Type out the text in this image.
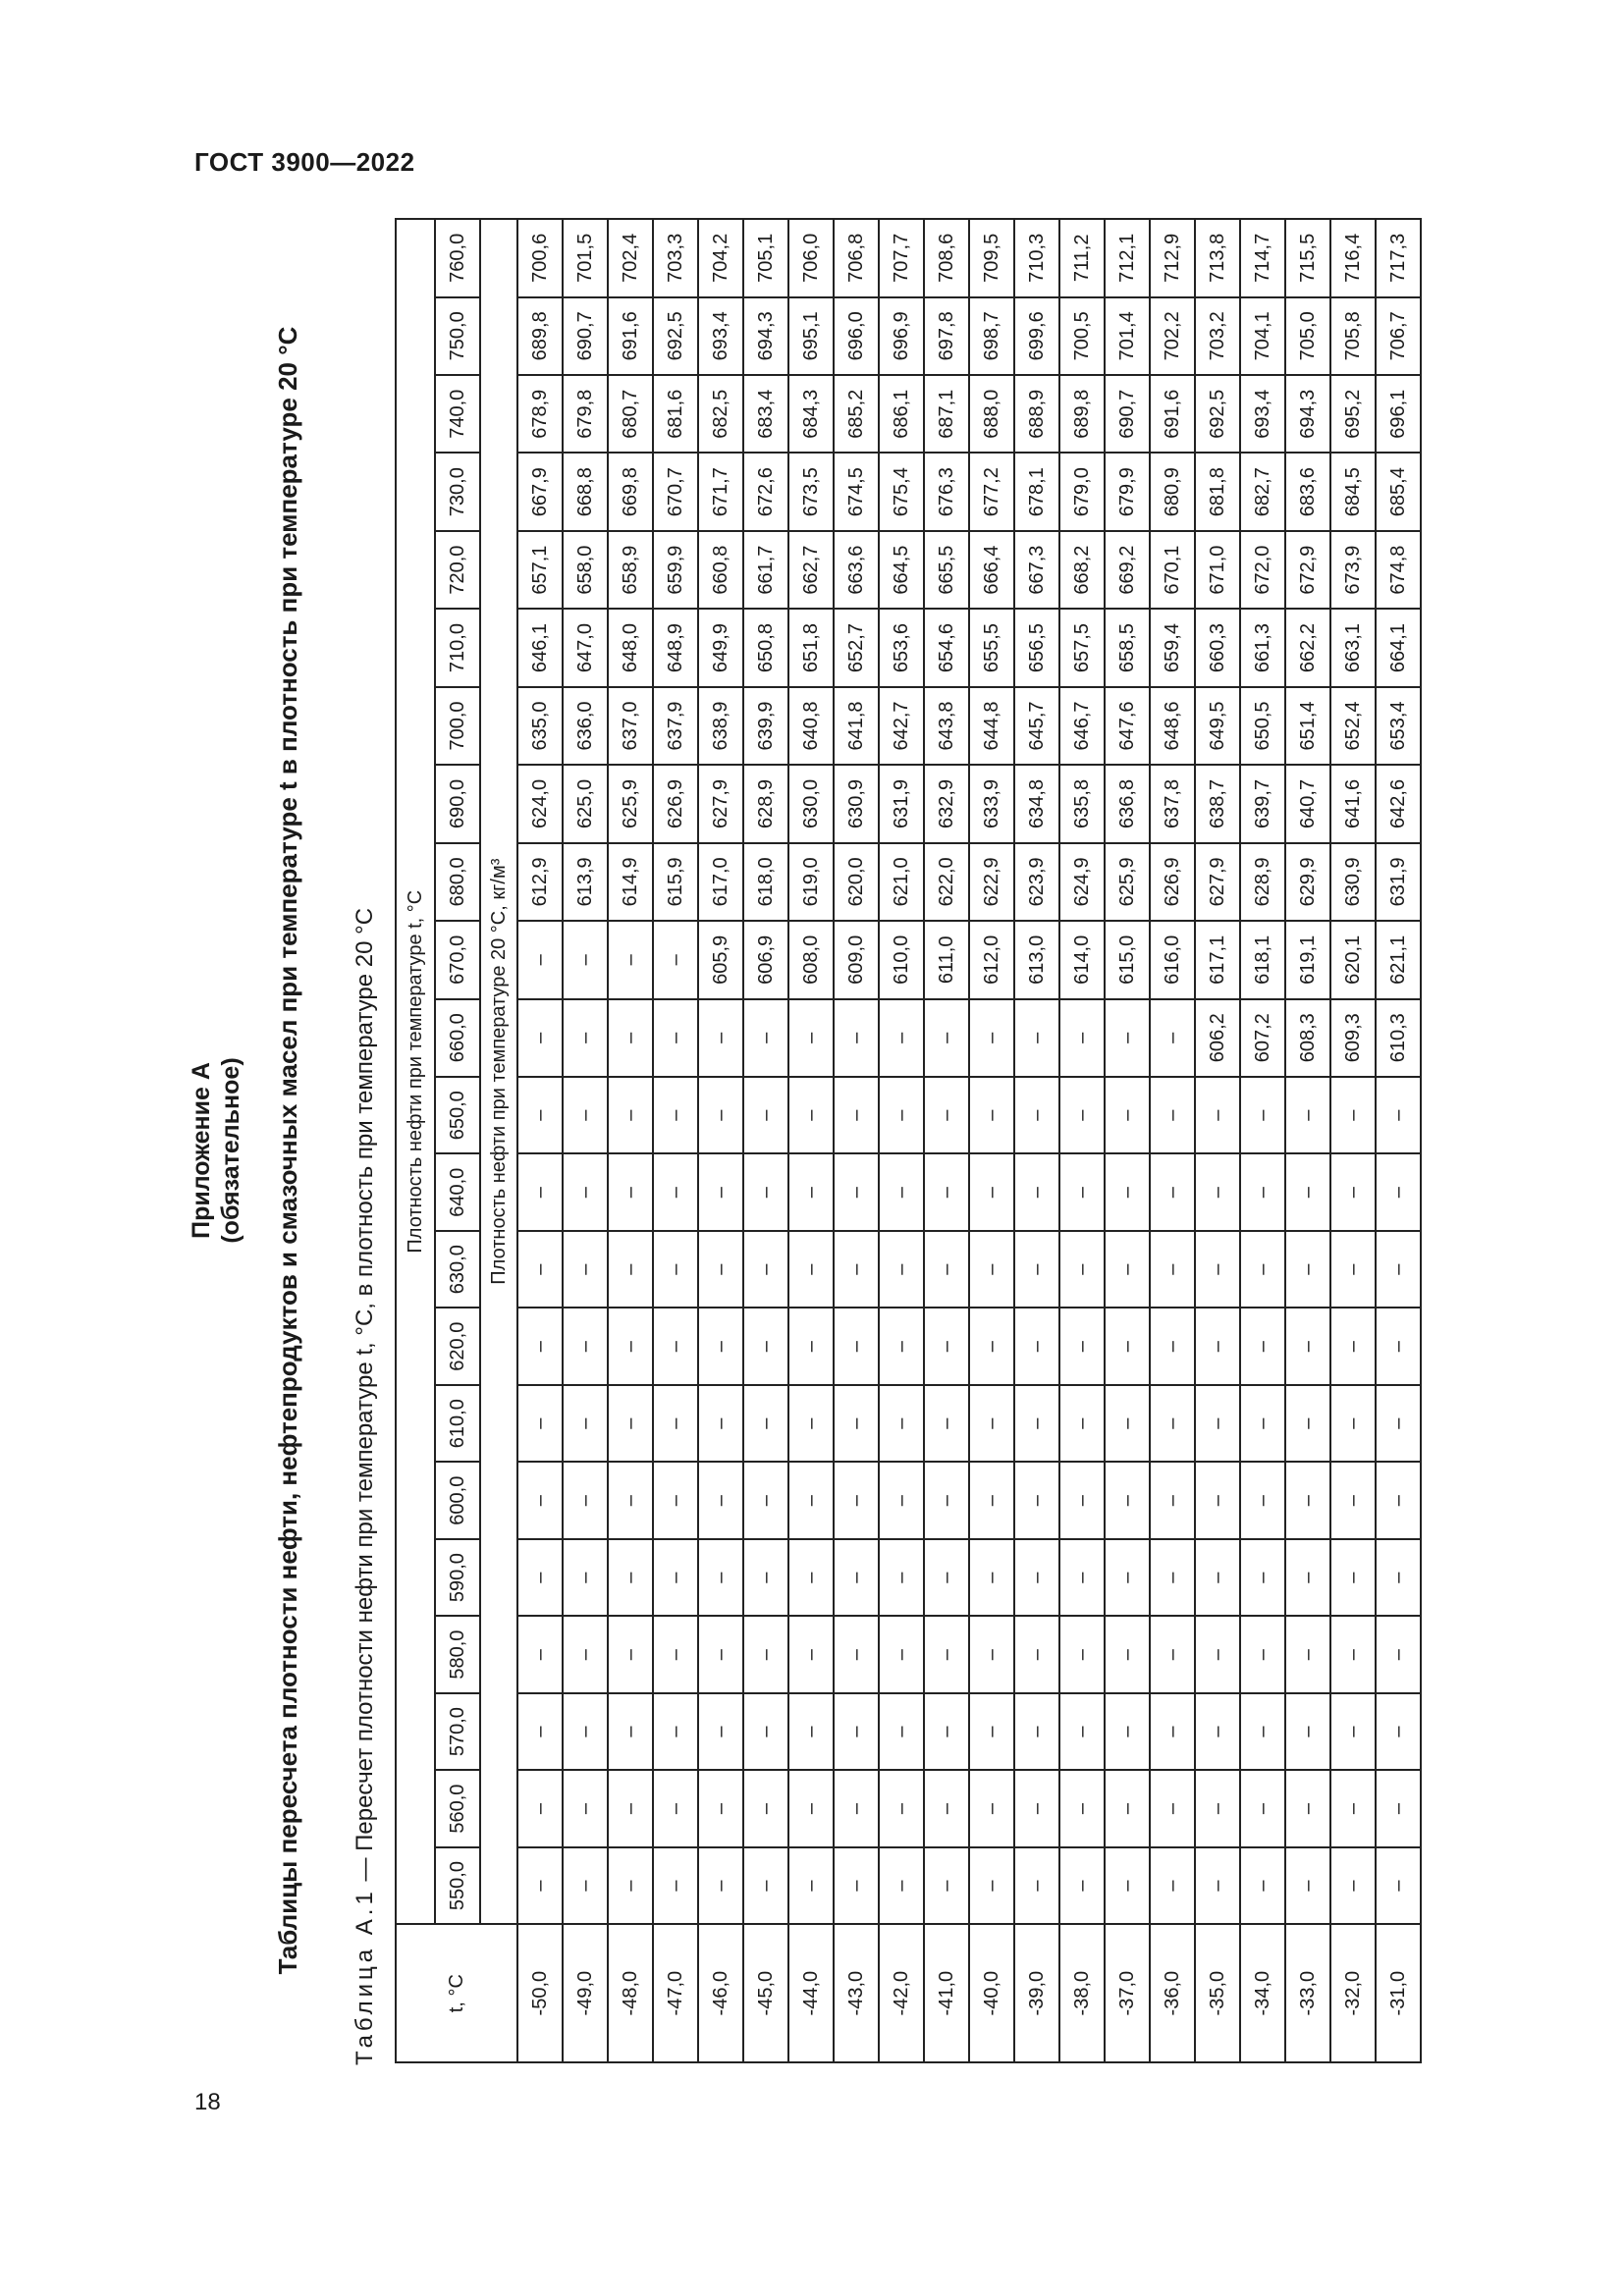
ГОСТ 3900—2022
18
Приложение А (обязательное) Таблицы пересчета плотности нефти, нефтепродуктов и смазочных масел при температуре t в плотность при температуре 20 °С
Таблица А.1 — Пересчет плотности нефти при температуре t, °С, в плотность при температуре 20 °С
t, °С	Плотность нефти при температуре t, °С																					
	550,0	560,0	570,0	580,0	590,0	600,0	610,0	620,0	630,0	640,0	650,0	660,0	670,0	680,0	690,0	700,0	710,0	720,0	730,0	740,0	750,0	760,0
	Плотность нефти при температуре 20 °С, кг/м³																					
-50,0	–	–	–	–	–	–	–	–	–	–	–	–	–	612,9	624,0	635,0	646,1	657,1	667,9	678,9	689,8	700,6
-49,0	–	–	–	–	–	–	–	–	–	–	–	–	–	613,9	625,0	636,0	647,0	658,0	668,8	679,8	690,7	701,5
-48,0	–	–	–	–	–	–	–	–	–	–	–	–	–	614,9	625,9	637,0	648,0	658,9	669,8	680,7	691,6	702,4
-47,0	–	–	–	–	–	–	–	–	–	–	–	–	–	615,9	626,9	637,9	648,9	659,9	670,7	681,6	692,5	703,3
-46,0	–	–	–	–	–	–	–	–	–	–	–	–	605,9	617,0	627,9	638,9	649,9	660,8	671,7	682,5	693,4	704,2
-45,0	–	–	–	–	–	–	–	–	–	–	–	–	606,9	618,0	628,9	639,9	650,8	661,7	672,6	683,4	694,3	705,1
-44,0	–	–	–	–	–	–	–	–	–	–	–	–	608,0	619,0	630,0	640,8	651,8	662,7	673,5	684,3	695,1	706,0
-43,0	–	–	–	–	–	–	–	–	–	–	–	–	609,0	620,0	630,9	641,8	652,7	663,6	674,5	685,2	696,0	706,8
-42,0	–	–	–	–	–	–	–	–	–	–	–	–	610,0	621,0	631,9	642,7	653,6	664,5	675,4	686,1	696,9	707,7
-41,0	–	–	–	–	–	–	–	–	–	–	–	–	611,0	622,0	632,9	643,8	654,6	665,5	676,3	687,1	697,8	708,6
-40,0	–	–	–	–	–	–	–	–	–	–	–	–	612,0	622,9	633,9	644,8	655,5	666,4	677,2	688,0	698,7	709,5
-39,0	–	–	–	–	–	–	–	–	–	–	–	–	613,0	623,9	634,8	645,7	656,5	667,3	678,1	688,9	699,6	710,3
-38,0	–	–	–	–	–	–	–	–	–	–	–	–	614,0	624,9	635,8	646,7	657,5	668,2	679,0	689,8	700,5	711,2
-37,0	–	–	–	–	–	–	–	–	–	–	–	–	615,0	625,9	636,8	647,6	658,5	669,2	679,9	690,7	701,4	712,1
-36,0	–	–	–	–	–	–	–	–	–	–	–	–	616,0	626,9	637,8	648,6	659,4	670,1	680,9	691,6	702,2	712,9
-35,0	–	–	–	–	–	–	–	–	–	–	–	606,2	617,1	627,9	638,7	649,5	660,3	671,0	681,8	692,5	703,2	713,8
-34,0	–	–	–	–	–	–	–	–	–	–	–	607,2	618,1	628,9	639,7	650,5	661,3	672,0	682,7	693,4	704,1	714,7
-33,0	–	–	–	–	–	–	–	–	–	–	–	608,3	619,1	629,9	640,7	651,4	662,2	672,9	683,6	694,3	705,0	715,5
-32,0	–	–	–	–	–	–	–	–	–	–	–	609,3	620,1	630,9	641,6	652,4	663,1	673,9	684,5	695,2	705,8	716,4
-31,0	–	–	–	–	–	–	–	–	–	–	–	610,3	621,1	631,9	642,6	653,4	664,1	674,8	685,4	696,1	706,7	717,3
